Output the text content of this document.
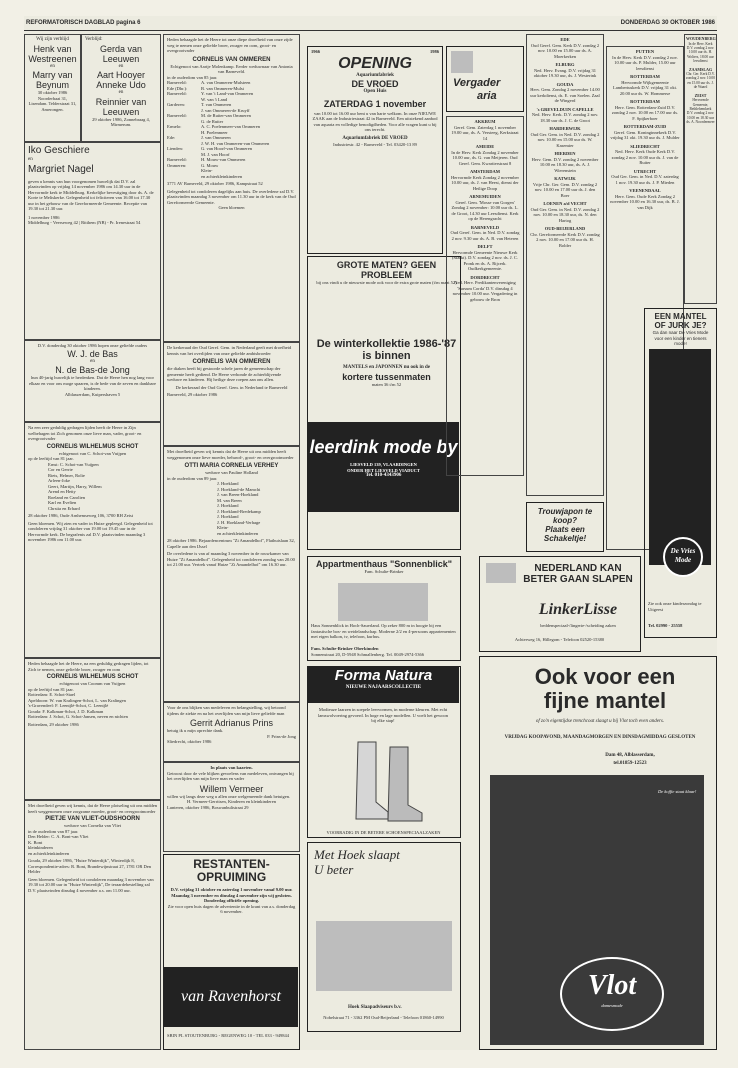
REFORMATORISCH DAGBLAD pagina 6	DONDERDAG 30 OKTOBER 1986
Wij zijn verblijd
Henk van Westreenen
en
Marry van Beynum
30 oktober 1986 Noorderbaai 31, Lisendam. Telderstraat 31, Amerongen.
Verblijd:
Gerda van Leeuwen
en
Aart Hooyer
Anneke Udo
en
Reinnier van Leeuwen
29 oktober 1986, Zonnebraag 4, Mirmerum.
Iko Geschiere
en
Margriet Nagel
geven u kennis van hun voorgenomen huwelijk dat D.V. zal plaatsvinden op vrijdag 14 november 1986 om 14.30 uur in de Hervormde kerk te Middelburg. Kerkelijke bevestiging door ds. A. de Korte te Meliskerke. Gelegenheid tot feliciteren van 16.00 tot 17.30 uur in het gebouw van de Gereformeerde Gemeente. Receptie van 19.30 tot 21.30 uur.
1 november 1986
Middelburg - Veerseweg 42 | Ritthem (NB) - Pr. Irenestraat 54
D.V. donderdag 30 oktober 1986 hopen onze geliefde ouders
W. J. de Bas
en
N. de Bas-de Jong
hun 40-jarig huwelijk te herdenken. Dat de Heere hen nog lang voor elkaar en voor ons moge spaaren, is de bede van de zeven en dankbare kinderen.
Alblasserdam, Kuipershaven 5
Na een zeer geduldig gedragen lijden heeft de Heere in Zijn welbehagen tot Zich genomen onze lieve man, vader, groot- en overgrootvader
CORNELIS WILHELMUS SCHOT
echtgenoot van C. Schot-van Vuijpen
op de leeftijd van 81 jaar.
Ernst: C. Schot-van Vuijpen
Cor en Gerrie
Riets, Helmer, Rolie
Arleen-Joke
Geert, Martijn, Harry, Willem
Arend en Hetty
Roeland en Carolien
Karl en Evelien
Chrstia en Erhard
28 oktober 1986, Oude Arnhemseweg 106, 3700 RH Zeist
Geen bloemen. Wij zien en vader in Huize gepleegd. Gelegenheid tot condoleren vrijdag 31 oktober van 19.00 tot 19.45 uur in de Hervormde kerk. De begrafenis zal D.V. plaatsvinden maandag 3 november 1986 om 11.00 uur.
Heden behaagde het de Heere, na een geduldig gedragen lijden, tot Zich te nemen, onze geliefde broer, zwager en oom
CORNELIS WILHELMUS SCHOT
echtgenoot van Coomm van Vuijpen
op de leeftijd van 81 jaar.
Rotterdam: E. Schot-Stael
Apeldoorn: W. van Kralingen-Schot, L. van Kralingen
's-Gravendeel: F. Leentjlè-Schot, C. Leentjlè
Gouda: F. Kalkman-Schot, J. D. Kalkman
Rotterdam: J. Schot, G. Schot-Jansen, neven en nichten
Rotterdam, 29 oktober 1986
Met droefheid geven wij kennis, dat de Heere plotseling uit ons midden heeft weggenomen onze zorgzame moeder, groot- en overgrootmoeder
PIETJE VAN VLIET-OUDSHOORN
weduwe van Cornelia van Vliet
in de ouderdom van 87 jaar.
Den Helder: C. A. Bont-van Vliet
K. Bont
kleinkinderen
en achterkleinkinderen
Gouda, 29 oktober 1986, "Huize Winterdijk", Winterdijk 8, Correspondentie-adres: R. Bont, Brandewijnstraat 27, 1781 OR Den Helder
Geen bloemen. Gelegenheid tot condoleren maandag 3 november van 19.30 tot 20.00 uur in "Huize Winterdijk", De teraardebestelling zal D.V. plaatsvinden dinsdag 4 november a.s. om 11.00 uur.
Heden behaagde het de Heere tot onze diepe droefheid van onze zijde weg te nemen onze geliefde broer, zwager en oom, groot- en overgrootvader
CORNELIS VAN OMMEREN
Echtgenoot van Aartje Molenkamp. Eerder weduwnaar van Antonia van Barneveld.
in de ouderdom van 85 jaar.
Barneveld:	A. van Ommeren-Mulsteen
Ede (Dhr.):	B. van Ommeren-Mulst
Barneveld:	Y. van 't Land-van Ommeren
W. van 't Land
Garderen:	T. van Ommeren
J. van Ommeren-de Kruyff
Barneveld:	M. de Ruiter-van Ommeren
G. de Ruiter
Ermelo:	A. C. Poelenmeer-van Ommeren
H. Poelenmeer
Ede:	J. van Ommeren
J. W. H. van Ommeren-van Ommeren
Lienden:	G. van Hoorf-van Ommeren
M. J. van Hoorf
Barneveld:	H. Mouw-van Ommeren
Ommeren:	G. Mouw
Klein-
en achterkleinkinderen
3771 AV Barneveld, 29 oktober 1986, Kampstraat 52
Gelegenheid tot condoleren dagelijks aan huis. De overledene zal D.V. plaatsvinden maandag 3 november om 11.30 uur in de kerk van de Oud Gereformeerde Gemeente.
Geen bloemen
De kerkeraad der Oud Geref. Gem. in Nederland geeft met droefheid kennis van het overlijden van onze geliefde ambtsbroeder
CORNELIS VAN OMMEREN
die diaken heeft bij gestoorde schele jaren de gemeenschap der gemeente heeft gediend. De Heere verbonde de achterblijvende weduwe en kinderen. Hij heilige deze roepen aan ons allen.
De kerkeraad der Oud Geref. Gem. in Nederland te Barneveld
Barneveld, 29 oktober 1986
Met droefheid geven wij kennis dat de Heere uit ons midden heeft weggenomen onze lieve moeder, behuwd-, groot- en overgrootmoeder
OTTI MARIA CORNELIA VERHEY
weduwe van Pauline Holland
in de ouderdom van 89 jaar.
J. Hoekland
J. Hoekland-de Mamchi
J. van Breen-Hoekland
M. van Breen
J. Hoekland
J. Hoekland-Bredekamp
J. Hoekland
J. H. Hoekland-Verhage
Klein-
en achterkleinkinderen
28 oktober 1986. Bejaardencentrum "Zi Amandelhof", Flathuislaan 32, Capelle aan den IJssel
De overledene is van af maandag 3 november in de rouwkamer van Huize "Zi Amandelhof". Gelegenheid tot condoleren zondag van 20.00 tot 21.00 uur. Vertrek vanaf Huize "Zi Amandelhof" om 16.30 uur.
Voor de ons blijken van medeleven en belangstelling, wij betoond tijdens de ziekte en na het overlijden van mijn lieve geliefde man
Gerrit Adrianus Prins
betuig ik u mijn oprechte dank.
P. Prins-de Jong
Sliedrecht, oktober 1986
In plaats van kaarten.
Getroost door de vele blijken gevoelens van medeleven, ontvangen bij het overlijden van mijn lieve man en vader
Willem Vermeer
willen wij langs deze weg u allen onze welgemeende dank betuigen.
H. Vermeer-Gerritsen, Kinderen en kleinkinderen
Lunteren, oktober 1986, Boswanbulistraat 29
RESTANTEN-OPRUIMING
D.V. vrijdag 31 oktober en zaterdag 1 november vanaf 9.00 uur.
Maandag 3 november en dinsdag 4 november zijn wij gesloten.
Donderdag officiële opening.
Zie voor open huis dagen de advertentie in de krant van a.s. donderdag 6 november.
van Ravenhorst
SBIN PL STOUTENBURG - REGENWEG 10 - TEL 033 - 949844
1966	1986
OPENING
Aquariumfabriek
DE VROED
Open Huis
ZATERDAG 1 november
van 10.00 tot 16.00 uur bent u van harte welkom. In onze NIEUWE ZAAK aan de Industriestraat 42 in Barneveld. Een uitstekend aanbod van aquaria en volledige benodigdheden. Voor alle vragen kunt u bij ons terecht.
Aquariumfabriek DE VROED
Industriestr. 42 - Barneveld - Tel. 03420-13 89
GROTE MATEN? GEEN PROBLEEM
bij ons vindt u de nieuwste mode ook voor de extra grote maten (t/m maat 52)
De winterkollektie 1986-'87 is binnen
MANTELS en JAPONNEN nu ook in de
kortere tussenmaten
maten 36 t/m 52
leerdink mode by
LIESVELD 139, VLAARDINGEN
ONDER HET LIESVELD VIADUCT
Tel. 010-4343906
Appartmenthaus "Sonnenblick"
Fam. Schulte-Brinker
Haus Sonnenblick in Hoch-Sauerland. Op zeker 800 m in hoogte bij een fantastische bos- en weidelandschap. Moderne 2/2 en 4-persoons appartementen met eigen balkon, tv, telefoon, kurhus.
Fam. Schulte-Brinker Oberkimden
Sonnenstraat 20, D-5948 Schmallenberg. Tel. 0049-2974-5366
Forma Natura
NIEUWE NAJAARSCOLLECTIE
Modieuze laarzen in soepele leervormen, in moderne kleuren. Met echt lamswolvoering gevoerd. In hoge en lage modellen. U voelt het gewoon bij elke stap!
VOORRADIG IN DE BETERE SCHOENSPECIAALZAKEN
Met Hoek slaapt U beter
Hoek Slaapadviseurs b.v.
Nobelstraat 71 - 3362 PM Oud-Beijerland - Telefoon 01860-14990
Vergader
aria
AKKRUM
Geref. Gem. Zaterdag 1 november 19.00 uur, ds. A. Versteeg, Kerkstraat 14
AMEIDE
In de Herv. Kerk Zondag 2 november 10.00 uur, ds. G. van Meijeren. Oud Geref. Gem. Kwartierstraat 8
AMSTERDAM
Hervormde Kerk Zondag 2 november 10.00 uur, ds. J. van Heest, dienst der Heilige Doop
ARNEMUIDEN
Geref. Gem. 'Mosse van Gorgen' Zondag 2 november: 10.00 uur ds. L. de Groot, 14.30 uur Leesdienst. Kerk op de Herengracht
BARNEVELD
Oud Geref. Gem. in Ned. D.V. zondag 2 nov. 9.30 uur ds. A. B. van Heteren
DELFT
Hervormde Gemeente Nieuwe Kerk (Markt). D.V. zondag 2 nov. ds. J. C. Pronk en ds. A. Rijcerk. Oudkerkgemeente.
DORDRECHT
Ned. Herv. Predikantenvereniging 'Sursum Corda' D.V. dinsdag 4 november 10.00 uur. Vergadering in gebouw de Bron
EDE
Oud Geref. Gem. Kerk D.V. zondag 2 nov. 10.00 en 15.00 uur ds. A. Moerkerken
ELBURG
Ned. Herv. Evang. D.V. vrijdag 31 oktober 19.30 uur, ds. J. Westerink
GOUDA
Herv. Gem. Zondag 2 november 14.00 uur kerkdienst, ds. E. van Soelen. Zaal de Wingerd
's GREVELDUIN CAPELLE
Ned. Herv. Kerk. D.V. zondag 2 nov. 18.30 uur ds. J. C. de Groot
HARDERWIJK
Oud Ger. Gem. in Ned. D.V. zondag 2 nov. 10.00 en 15.00 uur ds. W. Kasemier
HIERDEN
Herv. Gem. D.V. zondag 2 november 10.00 en 18.30 uur, ds. A. J. Wierenstein
KATWIJK
Vrije Chr. Ger. Gem. D.V. zondag 2 nov. 10.00 en 17.00 uur ds. J. den Boer
LOENEN a/d VECHT
Oud Ger. Gem. in Ned. D.V. zondag 2 nov. 10.00 en 18.30 uur, ds. N. den Hartog
OUD-BEIJERLAND
Chr. Gereformeerde Kerk D.V. zondag 2 nov. 10.00 en 17.00 uur ds. H. Bolder
Trouwjapon te koop?
Plaats een Schakeltje!
NEDERLAND KAN BETER GAAN SLAPEN
LinkerLisse
beddenspeciaal-/lingerie-/scheiding zaken
Achterweg 16, Hillegom - Telefoon 02520-15380
PUTTEN
In de Herv. Kerk D.V. zondag 2 nov. 10.00 uur ds. P. Mulder, 15.00 uur leesdienst
ROTTERDAM
Hervormde Wijkgemeente Lambertuskerk D.V. vrijdag 31 okt. 20.00 uur ds. W. Hommerse
ROTTERDAM
Herv. Gem. Rotterdam-Zuid D.V. zondag 2 nov. 10.00 en 17.00 uur ds. F. Spijkerboer
ROTTERDAM-ZUID
Geref. Gem. Koninginnekerk D.V. vrijdag 31 okt. 19.30 uur ds. J. Mulder
SLIEDRECHT
Ned. Herv. Kerk Oude Kerk D.V. zondag 2 nov. 10.00 uur ds. J. van de Ruiter
UTRECHT
Oud Ger. Gem. in Ned. D.V. zaterdag 1 nov. 19.30 uur ds. J. P. Mieden
VEENENDAAL
Herv. Gem. Oude Kerk Zondag 2 november 10.00 en 16.30 uur, ds. B. J. van Dijk
WOUDENBERG
In de Herv. Kerk D.V. zondag 2 nov. 10.00 uur ds. H. Wolters, 18.00 uur leesdienst
ZAAMSLAG
Chr. Ger. Kerk D.V. zondag 2 nov. 10.00 en 15.00 uur ds. J. de Waard
ZEIST
Hervormde Gemeente, Bethlehemkerk D.V. zondag 2 nov. 10.00 en 18.30 uur ds. A. Noordermeer
EEN MANTEL OF JURK JE?
Ga dan naar De Vries Mode voor een kinder en tieners mode!
De Vries Mode
Zie ook onze kinderzondag te Uitgeest
Tel. 02990 - 25558
Ook voor een fijne mantel
of zo'n eigentijdse trenchcoat slaagt u bij Vlot toch even anders.
VRIJDAG KOOPAVOND, MAANDAGMORGEN EN DINSDAGMIDDAG GESLOTEN
Dam 48, Alblasserdam,
tel.01859-12523
De koffie staat klaar!
Vlot
damesmode
